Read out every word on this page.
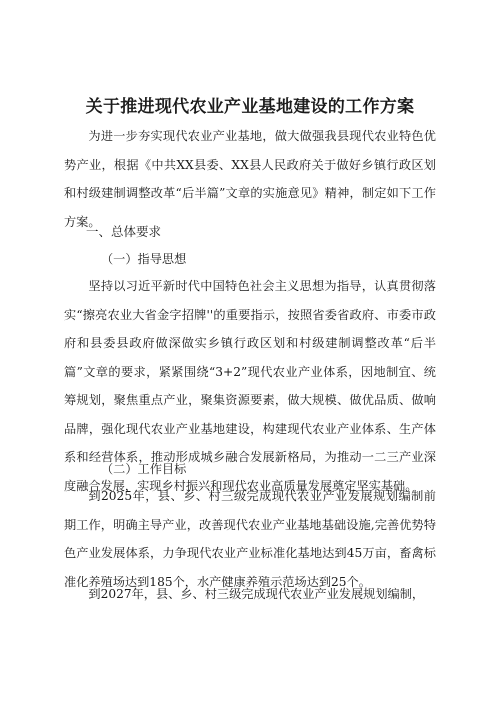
关于推进现代农业产业基地建设的工作方案

为进一步夯实现代农业产业基地，做大做强我县现代农业特色优势产业，根据《中共XX县委、XX县人民政府关于做好乡镇行政区划和村级建制调整改革“后半篇”文章的实施意见》精神，制定如下工作方案。

一、总体要求
（一）指导思想

坚持以习近平新时代中国特色社会主义思想为指导，认真贯彻落实“擦亮农业大省金字招牌''的重要指示，按照省委省政府、市委市政府和县委县政府做深做实乡镇行政区划和村级建制调整改革“后半篇”文章的要求，紧紧围绕“3+2”现代农业产业体系，因地制宜、统筹规划，聚焦重点产业，聚集资源要素，做大规模、做优品质、做响品牌，强化现代农业产业基地建设，构建现代农业产业体系、生产体系和经营体系，推动形成城乡融合发展新格局，为推动一二三产业深度融合发展，实现乡村振兴和现代农业高质量发展奠定坚实基础。

（二）工作目标

到2025年，县、乡、村三级完成现代农业产业发展规划编制前期工作，明确主导产业，改善现代农业产业基地基础设施,完善优势特色产业发展体系，力争现代农业产业标准化基地达到45万亩，畜禽标准化养殖场达到185个，水产健康养殖示范场达到25个。

到2027年，县、乡、村三级完成现代农业产业发展规划编制，
